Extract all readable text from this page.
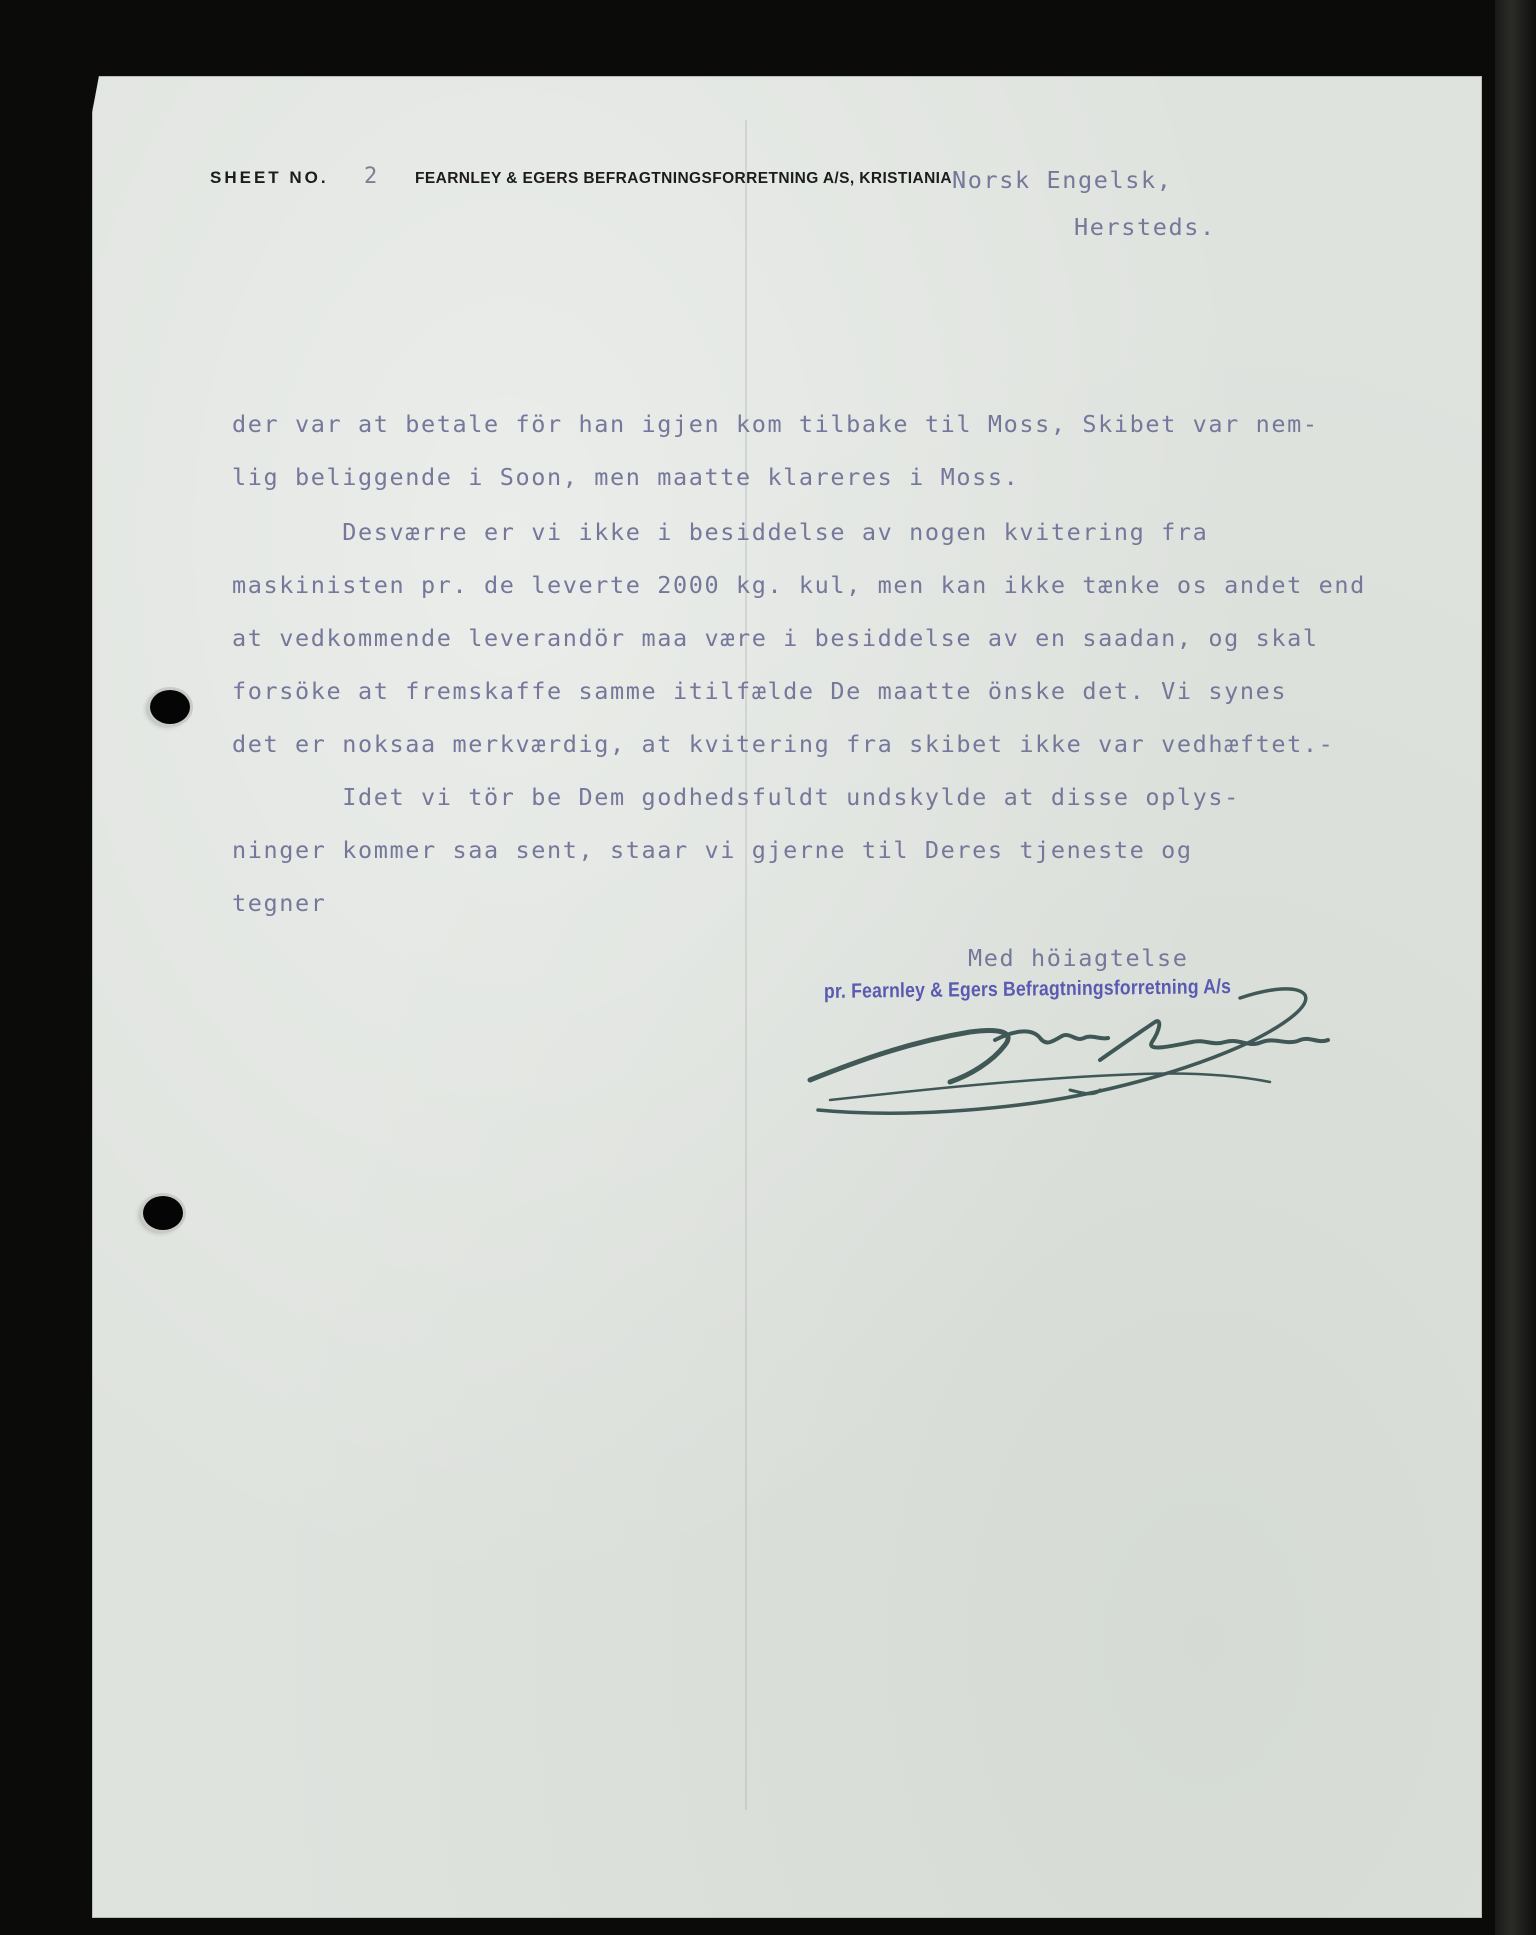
SHEET NO.	2 FEARNLEY & EGERS BEFRAGTNINGSFORRETNING A/S, KRISTIANIA Norsk Engelsk,
Hersteds.
der var at betale för han igjen kom tilbake til Moss, Skibet var nem-
lig beliggende i Soon, men maatte klareres i Moss.
Desværre er vi ikke i besiddelse av nogen kvitering fra
maskinisten pr. de leverte 2000 kg. kul, men kan ikke tænke os andet end
at vedkommende leverandör maa være i besiddelse av en saadan, og skal
forsöke at fremskaffe samme itilfælde De maatte önske det. Vi synes
det er noksaa merkværdig, at kvitering fra skibet ikke var vedhæftet.-
Idet vi tör be Dem godhedsfuldt undskylde at disse oplys-
ninger kommer saa sent, staar vi gjerne til Deres tjeneste og
tegner
Med höiagtelse
pr. Fearnley & Egers Befragtningsforretning A/s
